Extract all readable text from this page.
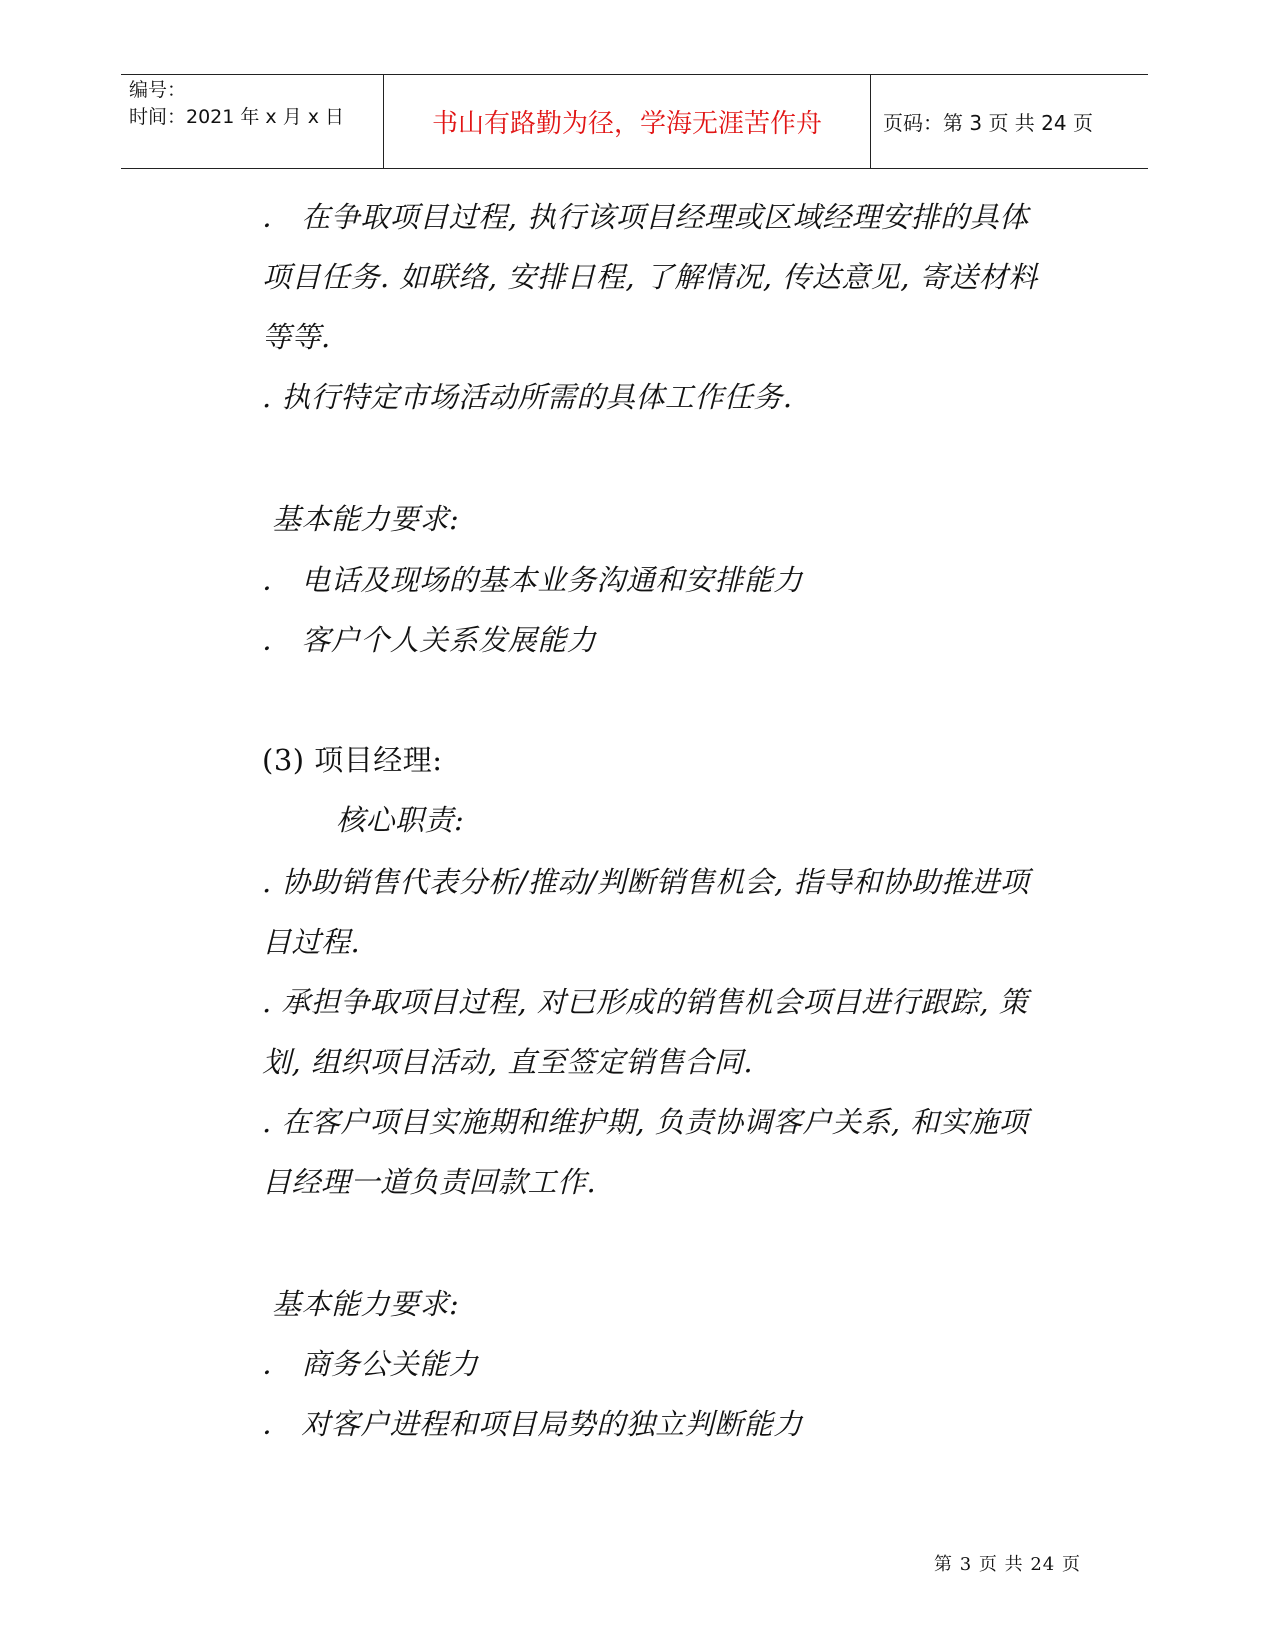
编号：
时间：2021 年 x 月 x 日	书山有路勤为径，学海无涯苦作舟	页码：第 3 页 共 24 页
． 在争取项目过程, 执行该项目经理或区域经理安排的具体
项目任务. 如联络, 安排日程, 了解情况, 传达意见, 寄送材料
等等.
. 执行特定市场活动所需的具体工作任务.
基本能力要求:
． 电话及现场的基本业务沟通和安排能力
． 客户个人关系发展能力
(3) 项目经理:
核心职责:
. 协助销售代表分析/推动/判断销售机会, 指导和协助推进项
目过程.
. 承担争取项目过程, 对已形成的销售机会项目进行跟踪, 策
划, 组织项目活动, 直至签定销售合同.
. 在客户项目实施期和维护期, 负责协调客户关系, 和实施项
目经理一道负责回款工作.
基本能力要求:
． 商务公关能力
． 对客户进程和项目局势的独立判断能力
第 3 页 共 24 页
